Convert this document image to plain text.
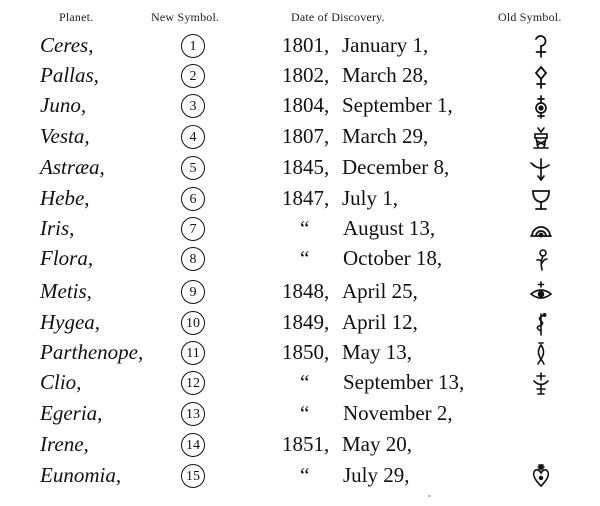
Planet.	New Symbol.	Date of Discovery.	Old Symbol.
Ceres,	1	1801, January 1,
Pallas,	2	1802, March 28,
Juno,	3	1804, September 1,
Vesta,	4	1807, March 29,
Astræa,	5	1845, December 8,
Hebe,	6	1847, July 1,
Iris,	7	“ August 13,
Flora,	8	“ October 18,
Metis,	9	1848, April 25,
Hygea,	10	1849, April 12,
Parthenope,	11	1850, May 13,
Clio,	12	“ September 13,
Egeria,	13	“ November 2,
Irene,	14	1851, May 20,
Eunomia,	15	“ July 29,
